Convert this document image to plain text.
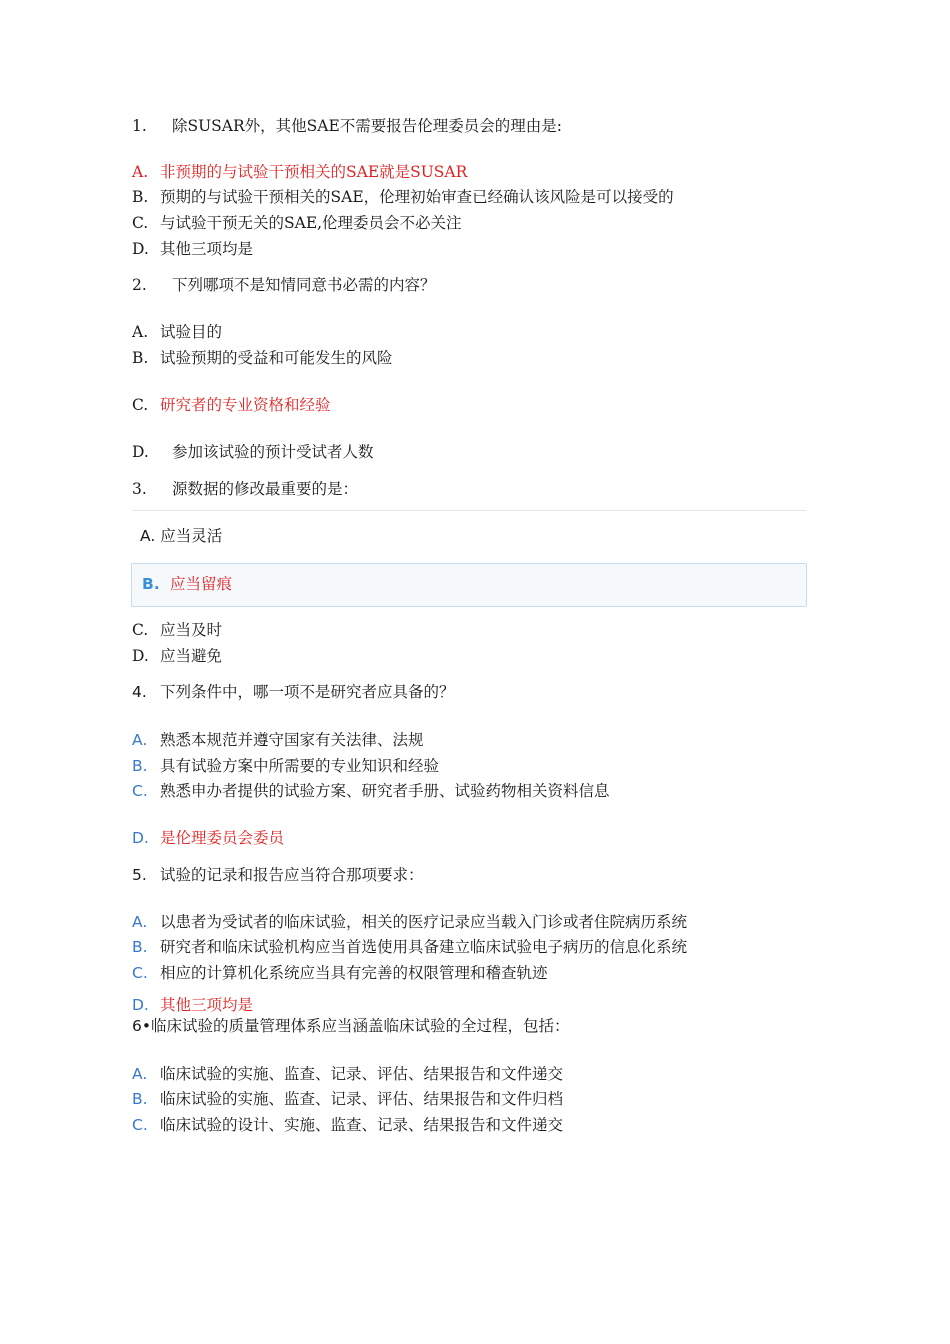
1. 除SUSAR外，其他SAE不需要报告伦理委员会的理由是:
A. 非预期的与试验干预相关的SAE就是SUSAR
B. 预期的与试验干预相关的SAE，伦理初始审查已经确认该风险是可以接受的
C. 与试验干预无关的SAE,伦理委员会不必关注
D. 其他三项均是
2. 下列哪项不是知情同意书必需的内容？
A. 试验目的
B. 试验预期的受益和可能发生的风险
C. 研究者的专业资格和经验
D. 参加该试验的预计受试者人数
3. 源数据的修改最重要的是：
A. 应当灵活
B. 应当留痕
C. 应当及时
D. 应当避免
4. 下列条件中，哪一项不是研究者应具备的？
A. 熟悉本规范并遵守国家有关法律、法规
B. 具有试验方案中所需要的专业知识和经验
C. 熟悉申办者提供的试验方案、研究者手册、试验药物相关资料信息
D. 是伦理委员会委员
5. 试验的记录和报告应当符合那项要求：
A. 以患者为受试者的临床试验，相关的医疗记录应当载入门诊或者住院病历系统
B. 研究者和临床试验机构应当首选使用具备建立临床试验电子病历的信息化系统
C. 相应的计算机化系统应当具有完善的权限管理和稽查轨迹
D. 其他三项均是
6•临床试验的质量管理体系应当涵盖临床试验的全过程，包括：
A. 临床试验的实施、监查、记录、评估、结果报告和文件递交
B. 临床试验的实施、监查、记录、评估、结果报告和文件归档
C. 临床试验的设计、实施、监查、记录、结果报告和文件递交
